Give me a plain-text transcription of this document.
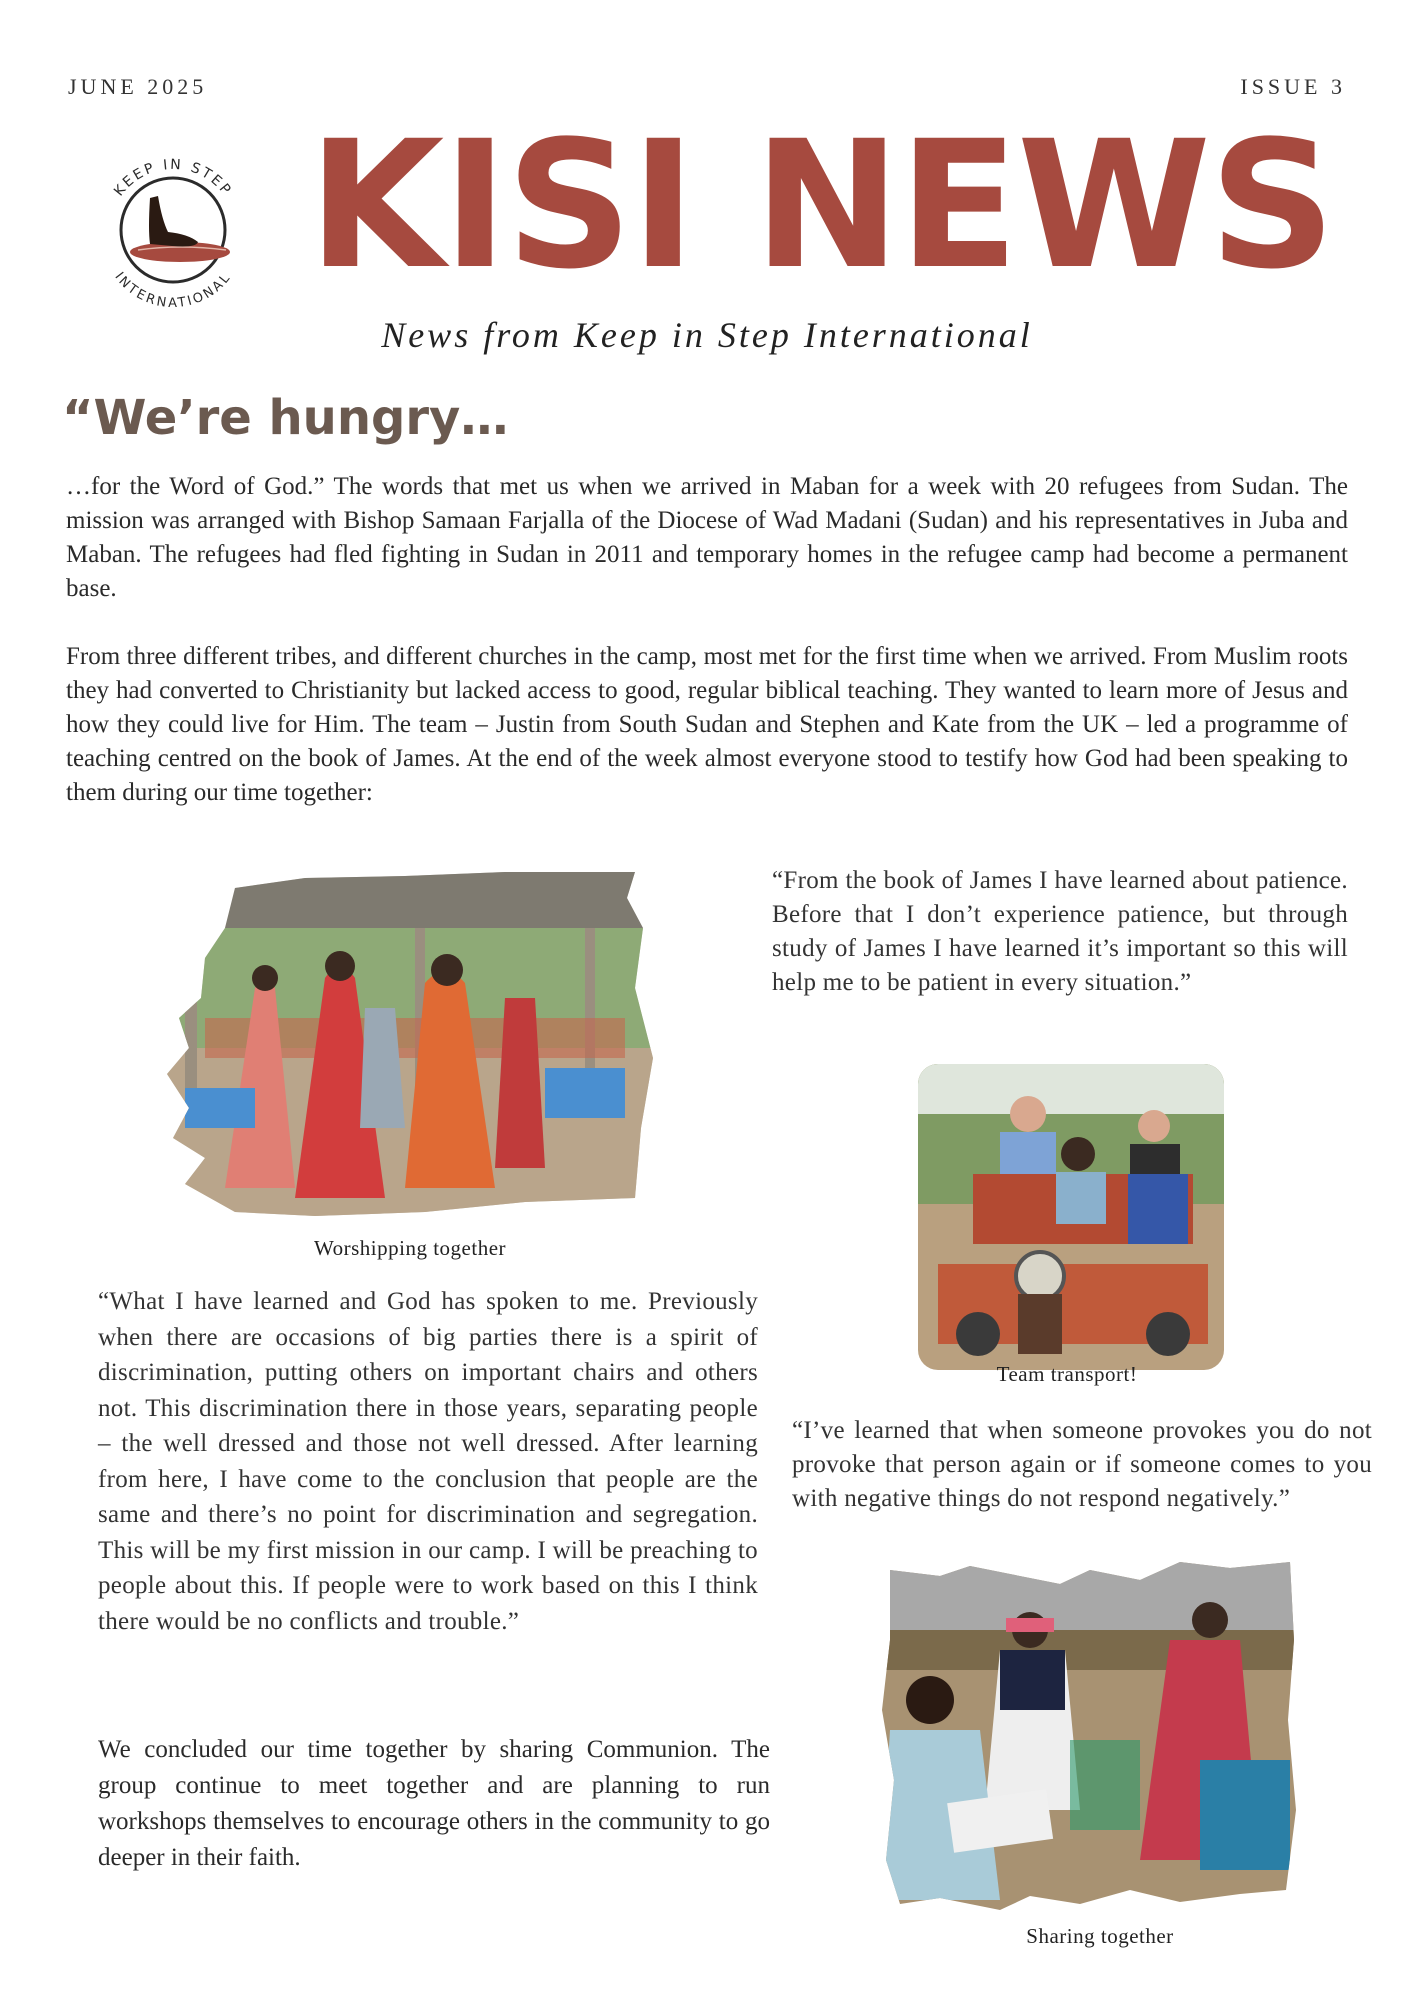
JUNE 2025	ISSUE 3
KEEP IN STEP
INTERNATIONAL KISI NEWS
News from Keep in Step International
“We’re hungry…

…for the Word of God.” The words that met us when we arrived in Maban for a week with 20 refugees from Sudan. The mission was arranged with Bishop Samaan Farjalla of the Diocese of Wad Madani (Sudan) and his representatives in Juba and Maban. The refugees had fled fighting in Sudan in 2011 and temporary homes in the refugee camp had become a permanent base.

From three different tribes, and different churches in the camp, most met for the first time when we arrived. From Muslim roots they had converted to Christianity but lacked access to good, regular biblical teaching. They wanted to learn more of Jesus and how they could live for Him. The team – Justin from South Sudan and Stephen and Kate from the UK – led a programme of teaching centred on the book of James. At the end of the week almost everyone stood to testify how God had been speaking to them during our time together:

Worshipping together
“From the book of James I have learned about patience. Before that I don’t experience patience, but through study of James I have learned it’s important so this will help me to be patient in every situation.”
Team transport!
“What I have learned and God has spoken to me. Previously when there are occasions of big parties there is a spirit of discrimination, putting others on important chairs and others not. This discrimination there in those years, separating people – the well dressed and those not well dressed. After learning from here, I have come to the conclusion that people are the same and there’s no point for discrimination and segregation. This will be my first mission in our camp. I will be preaching to people about this. If people were to work based on this I think there would be no conflicts and trouble.”
“I’ve learned that when someone provokes you do not provoke that person again or if someone comes to you with negative things do not respond negatively.”
Sharing together
We concluded our time together by sharing Communion. The group continue to meet together and are planning to run workshops themselves to encourage others in the community to go deeper in their faith.
